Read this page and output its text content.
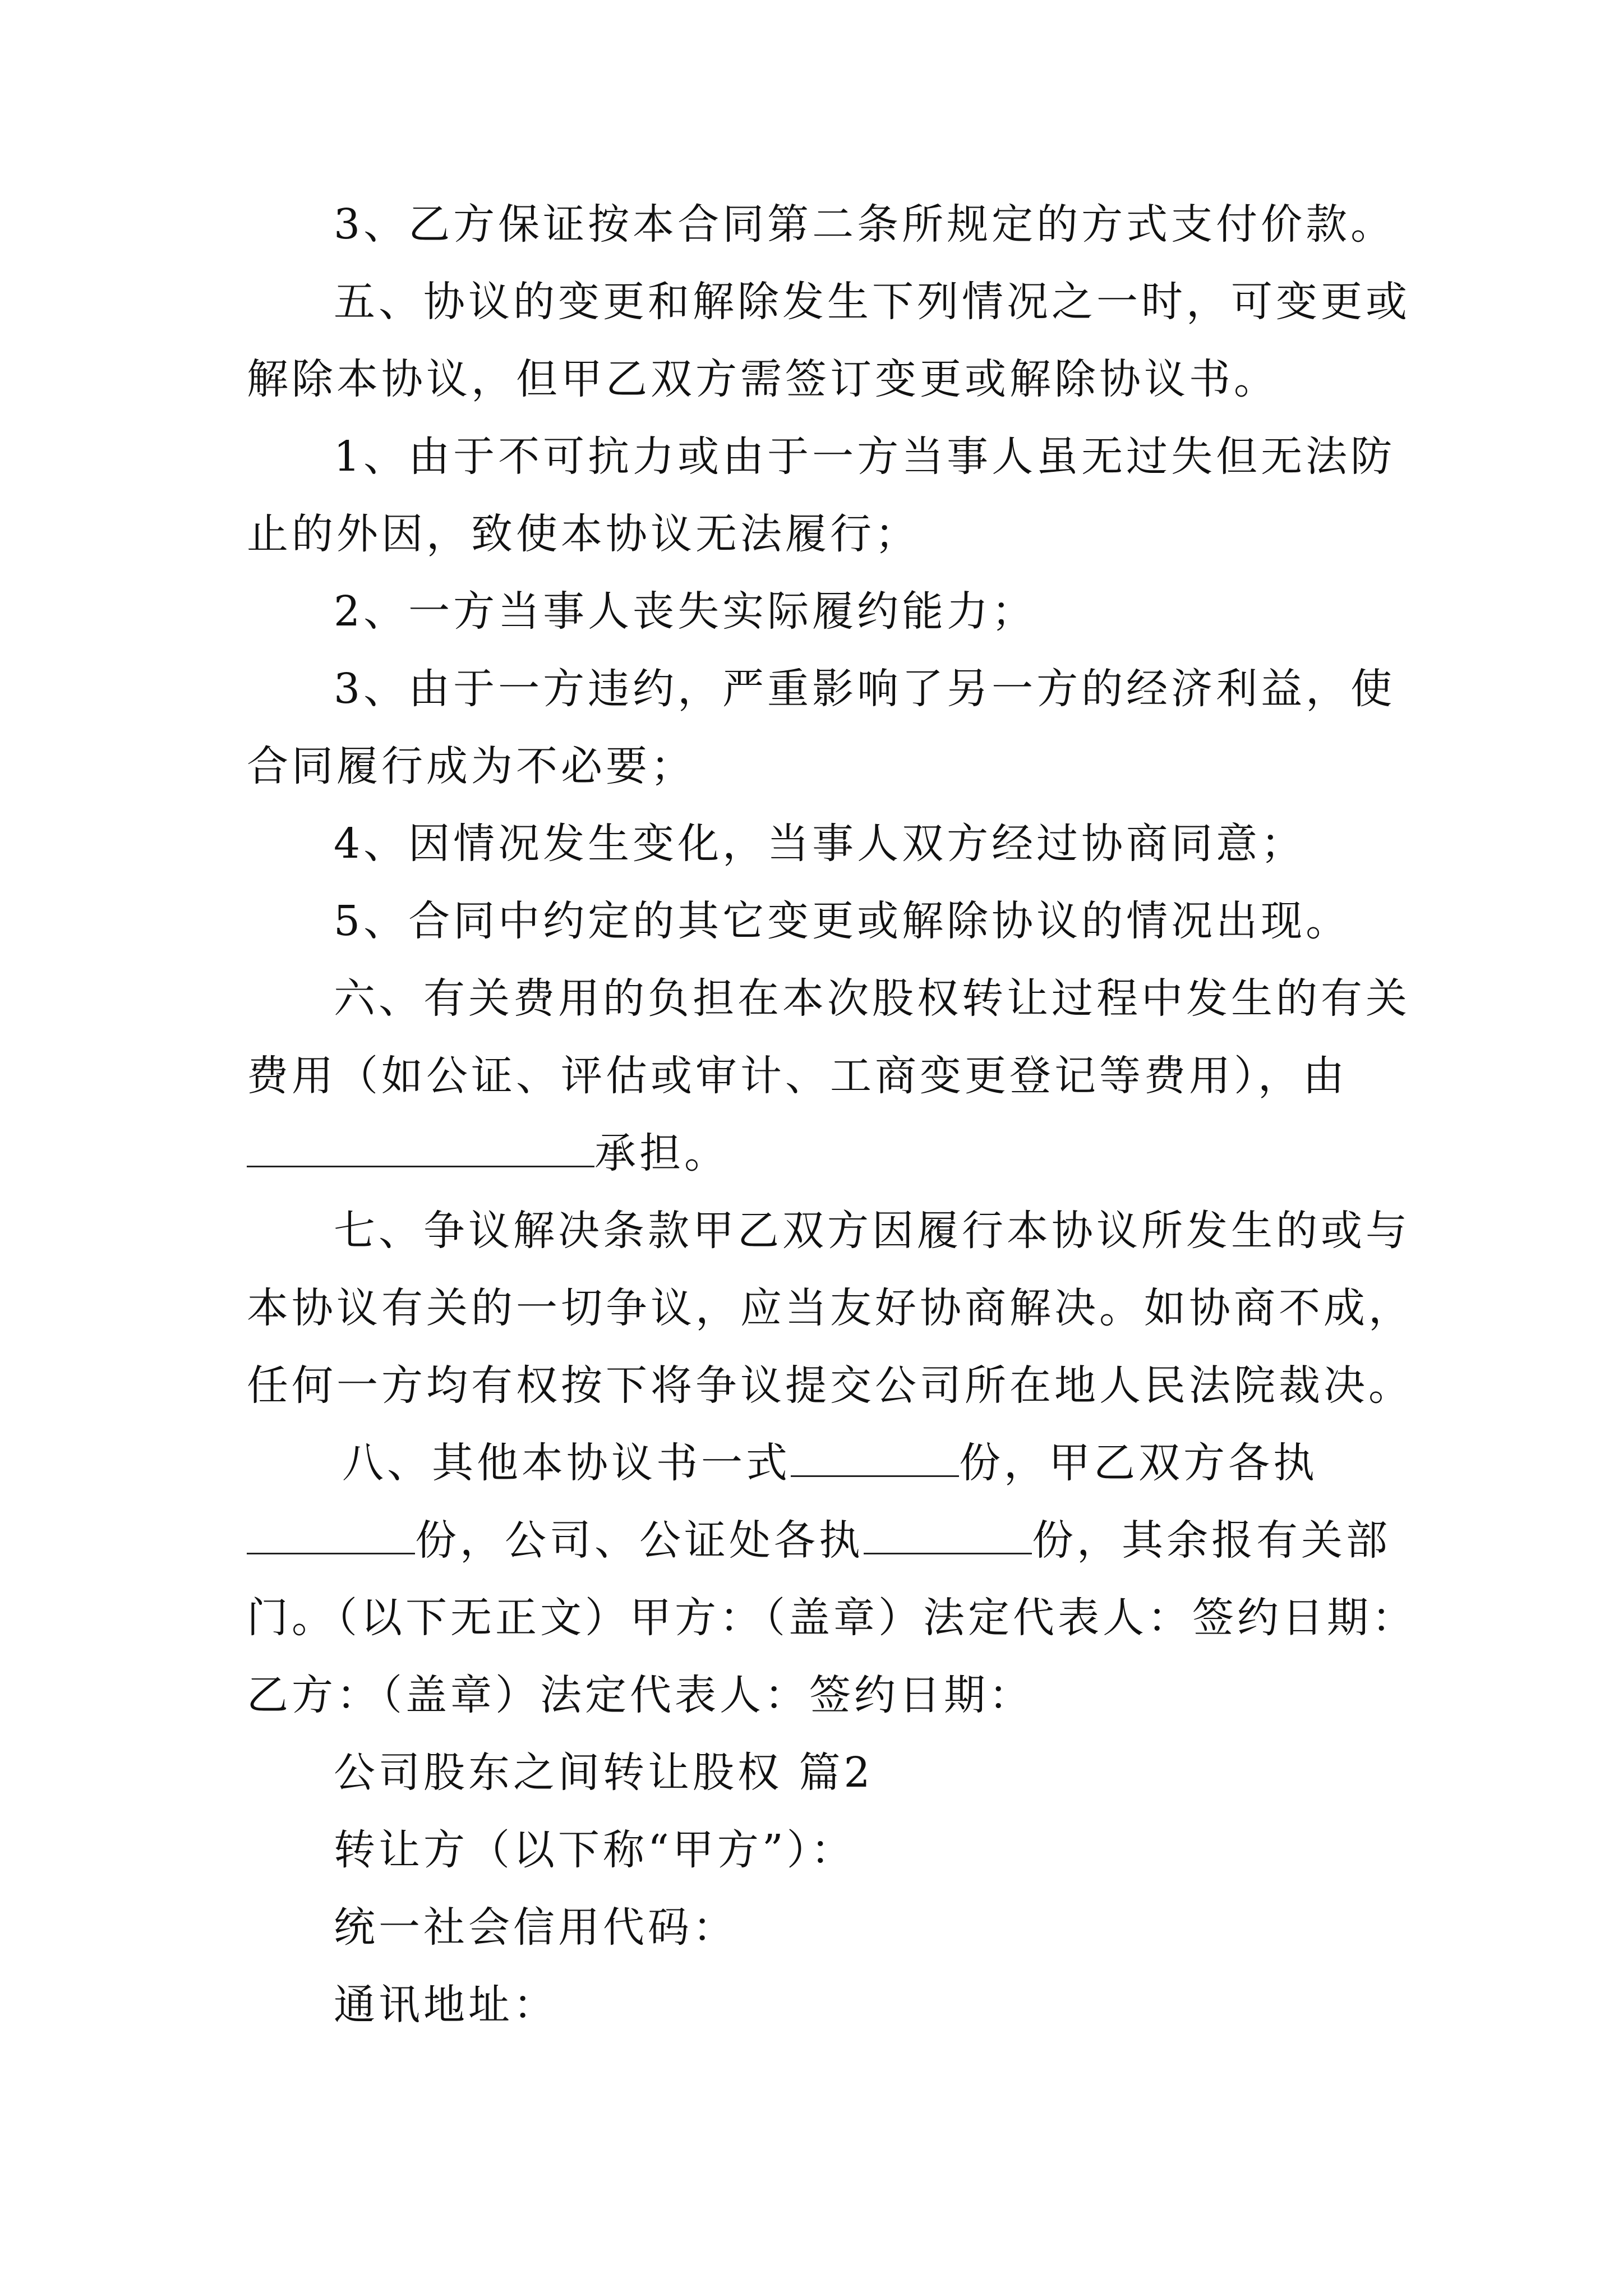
3、乙方保证按本合同第二条所规定的方式支付价款。
五、协议的变更和解除发生下列情况之一时，可变更或
解除本协议，但甲乙双方需签订变更或解除协议书。
1、由于不可抗力或由于一方当事人虽无过失但无法防
止的外因，致使本协议无法履行；
2、一方当事人丧失实际履约能力；
3、由于一方违约，严重影响了另一方的经济利益，使
合同履行成为不必要；
4、因情况发生变化，当事人双方经过协商同意；
5、合同中约定的其它变更或解除协议的情况出现。
六、有关费用的负担在本次股权转让过程中发生的有关
费用（如公证、评估或审计、工商变更登记等费用），由
承担。
七、争议解决条款甲乙双方因履行本协议所发生的或与
本协议有关的一切争议，应当友好协商解决。如协商不成，
任何一方均有权按下将争议提交公司所在地人民法院裁决。
八、其他本协议书一式	份，甲乙双方各执
份，公司、公证处各执	份，其余报有关部
门。（以下无正文）甲方：（盖章）法定代表人：签约日期：
乙方：（盖章）法定代表人：签约日期：
公司股东之间转让股权 篇2
转让方（以下称“甲方”）：
统一社会信用代码：
通讯地址：
